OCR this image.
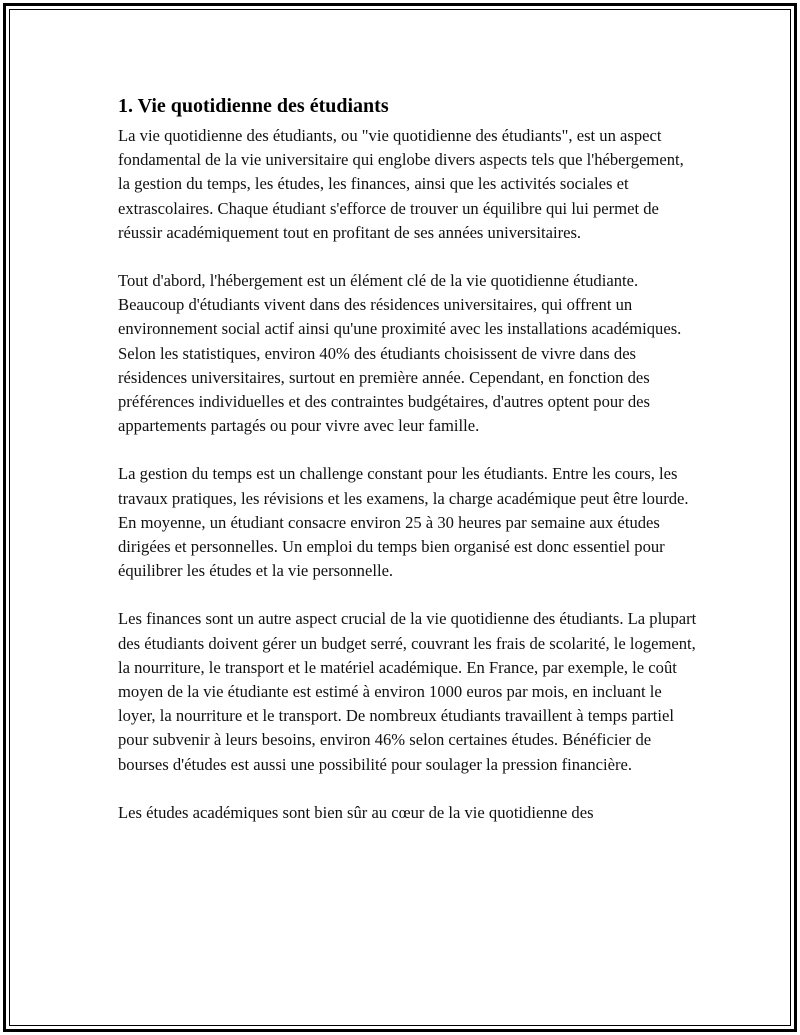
1. Vie quotidienne des étudiants

La vie quotidienne des étudiants, ou "vie quotidienne des étudiants", est un aspect fondamental de la vie universitaire qui englobe divers aspects tels que l'hébergement, la gestion du temps, les études, les finances, ainsi que les activités sociales et extrascolaires. Chaque étudiant s'efforce de trouver un équilibre qui lui permet de réussir académiquement tout en profitant de ses années universitaires.

Tout d'abord, l'hébergement est un élément clé de la vie quotidienne étudiante. Beaucoup d'étudiants vivent dans des résidences universitaires, qui offrent un environnement social actif ainsi qu'une proximité avec les installations académiques. Selon les statistiques, environ 40% des étudiants choisissent de vivre dans des résidences universitaires, surtout en première année. Cependant, en fonction des préférences individuelles et des contraintes budgétaires, d'autres optent pour des appartements partagés ou pour vivre avec leur famille.

La gestion du temps est un challenge constant pour les étudiants. Entre les cours, les travaux pratiques, les révisions et les examens, la charge académique peut être lourde. En moyenne, un étudiant consacre environ 25 à 30 heures par semaine aux études dirigées et personnelles. Un emploi du temps bien organisé est donc essentiel pour équilibrer les études et la vie personnelle.

Les finances sont un autre aspect crucial de la vie quotidienne des étudiants. La plupart des étudiants doivent gérer un budget serré, couvrant les frais de scolarité, le logement, la nourriture, le transport et le matériel académique. En France, par exemple, le coût moyen de la vie étudiante est estimé à environ 1000 euros par mois, en incluant le loyer, la nourriture et le transport. De nombreux étudiants travaillent à temps partiel pour subvenir à leurs besoins, environ 46% selon certaines études. Bénéficier de bourses d'études est aussi une possibilité pour soulager la pression financière.

Les études académiques sont bien sûr au cœur de la vie quotidienne des
